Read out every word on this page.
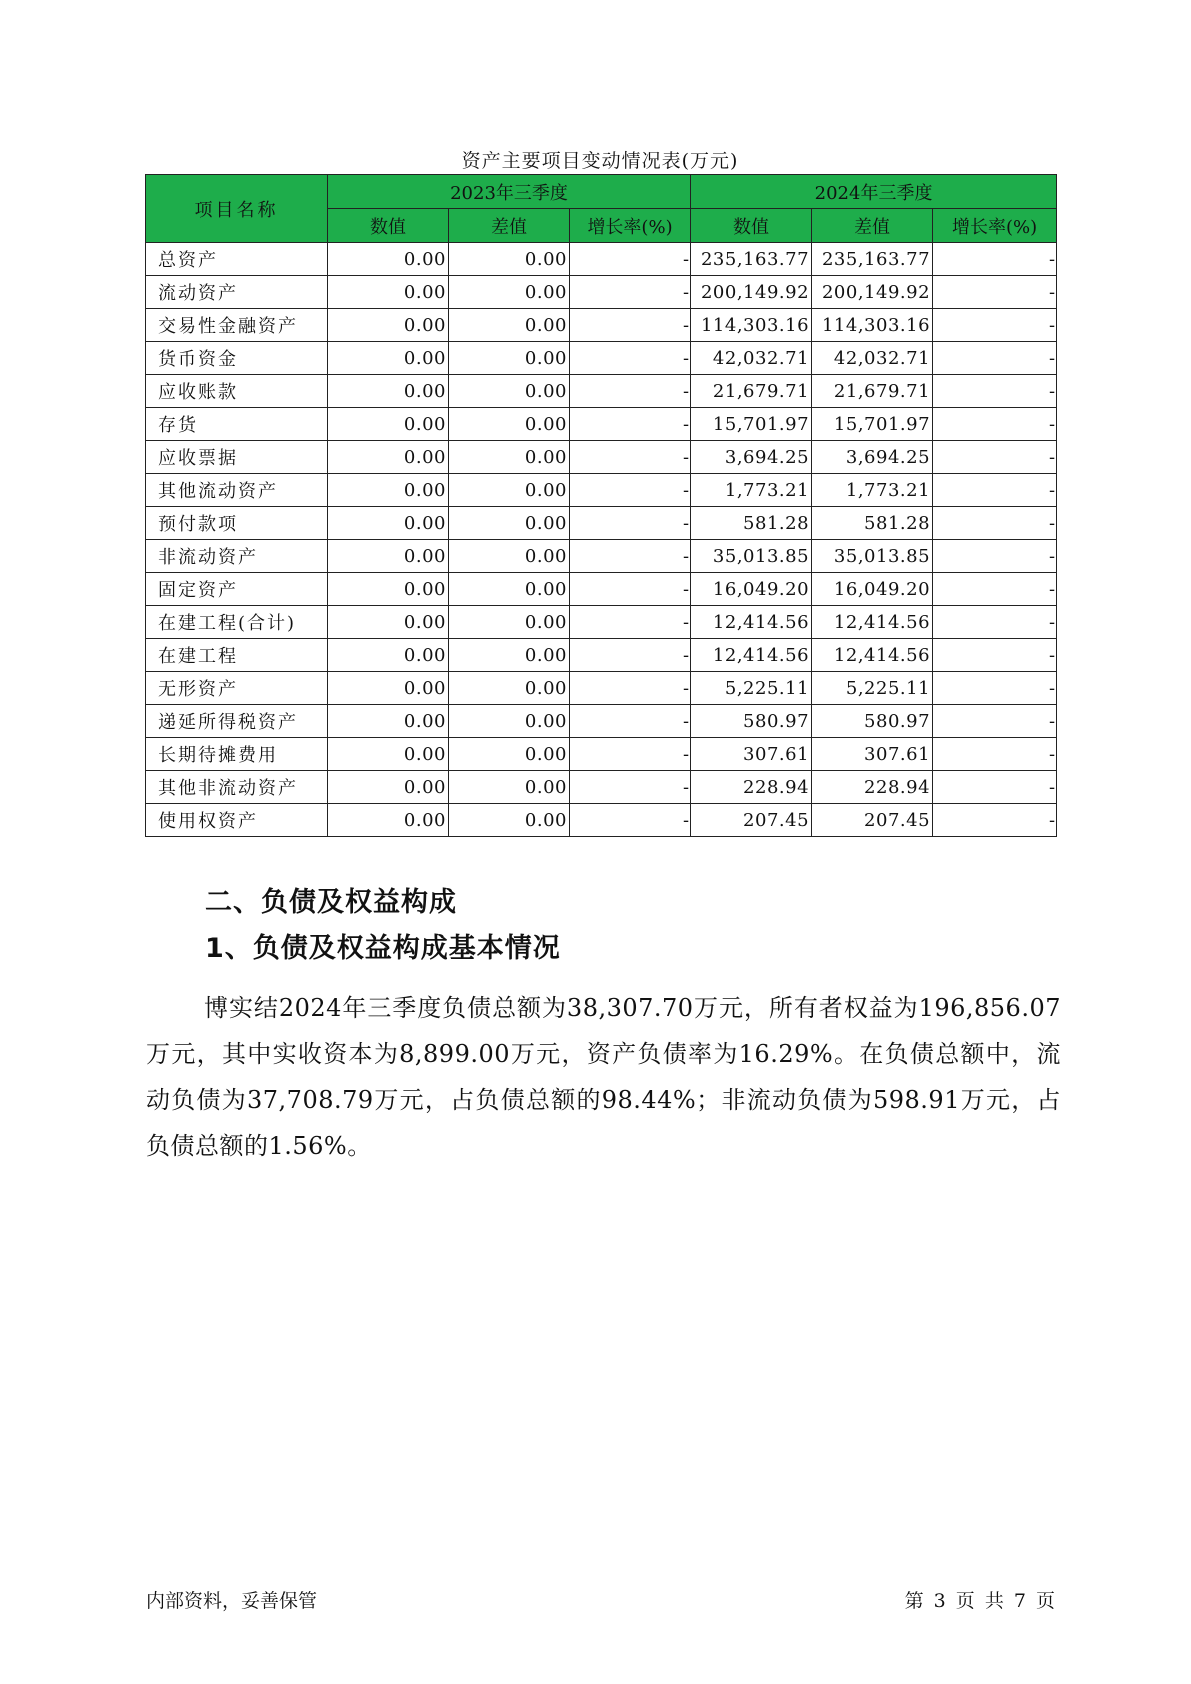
资产主要项目变动情况表(万元)
项目名称	2023年三季度			2024年三季度		
	数值	差值	增长率(%)	数值	差值	增长率(%)
总资产	0.00	0.00	-	235,163.77	235,163.77	-
流动资产	0.00	0.00	-	200,149.92	200,149.92	-
交易性金融资产	0.00	0.00	-	114,303.16	114,303.16	-
货币资金	0.00	0.00	-	42,032.71	42,032.71	-
应收账款	0.00	0.00	-	21,679.71	21,679.71	-
存货	0.00	0.00	-	15,701.97	15,701.97	-
应收票据	0.00	0.00	-	3,694.25	3,694.25	-
其他流动资产	0.00	0.00	-	1,773.21	1,773.21	-
预付款项	0.00	0.00	-	581.28	581.28	-
非流动资产	0.00	0.00	-	35,013.85	35,013.85	-
固定资产	0.00	0.00	-	16,049.20	16,049.20	-
在建工程(合计)	0.00	0.00	-	12,414.56	12,414.56	-
在建工程	0.00	0.00	-	12,414.56	12,414.56	-
无形资产	0.00	0.00	-	5,225.11	5,225.11	-
递延所得税资产	0.00	0.00	-	580.97	580.97	-
长期待摊费用	0.00	0.00	-	307.61	307.61	-
其他非流动资产	0.00	0.00	-	228.94	228.94	-
使用权资产	0.00	0.00	-	207.45	207.45	-
二、负债及权益构成
1、负债及权益构成基本情况

博实结2024年三季度负债总额为38,307.70万元，所有者权益为196,856.07万元，其中实收资本为8,899.00万元，资产负债率为16.29%。在负债总额中，流动负债为37,708.79万元，占负债总额的98.44%；非流动负债为598.91万元，占负债总额的1.56%。

内部资料，妥善保管	第 3 页 共 7 页
